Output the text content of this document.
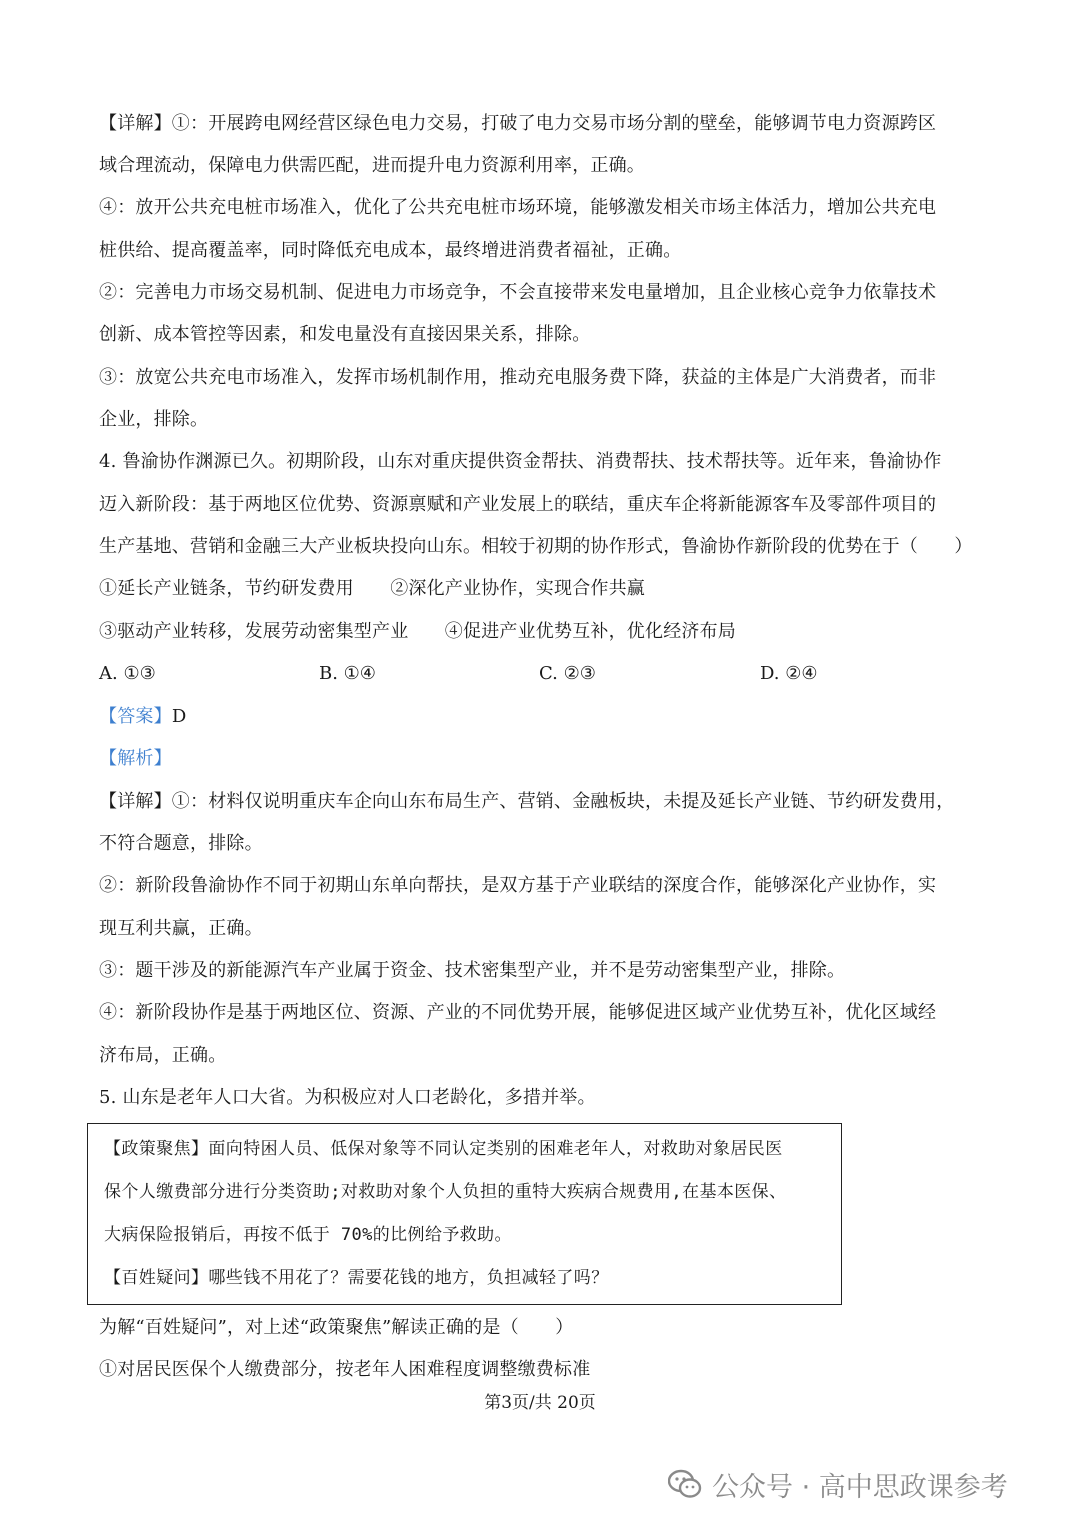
【详解】①：开展跨电网经营区绿色电力交易，打破了电力交易市场分割的壁垒，能够调节电力资源跨区
域合理流动，保障电力供需匹配，进而提升电力资源利用率，正确。
④：放开公共充电桩市场准入，优化了公共充电桩市场环境，能够激发相关市场主体活力，增加公共充电
桩供给、提高覆盖率，同时降低充电成本，最终增进消费者福祉，正确。
②：完善电力市场交易机制、促进电力市场竞争，不会直接带来发电量增加，且企业核心竞争力依靠技术
创新、成本管控等因素，和发电量没有直接因果关系，排除。
③：放宽公共充电市场准入，发挥市场机制作用，推动充电服务费下降，获益的主体是广大消费者，而非
企业，排除。
4. 鲁渝协作渊源已久。初期阶段，山东对重庆提供资金帮扶、消费帮扶、技术帮扶等。近年来，鲁渝协作
迈入新阶段：基于两地区位优势、资源禀赋和产业发展上的联结，重庆车企将新能源客车及零部件项目的
生产基地、营销和金融三大产业板块投向山东。相较于初期的协作形式，鲁渝协作新阶段的优势在于（　　）
①延长产业链条，节约研发费用　　②深化产业协作，实现合作共赢
③驱动产业转移，发展劳动密集型产业　　④促进产业优势互补，优化经济布局
A. ①③	B. ①④	C. ②③	D. ②④
【答案】D
【解析】
【详解】①：材料仅说明重庆车企向山东布局生产、营销、金融板块，未提及延长产业链、节约研发费用，
不符合题意，排除。
②：新阶段鲁渝协作不同于初期山东单向帮扶，是双方基于产业联结的深度合作，能够深化产业协作，实
现互利共赢，正确。
③：题干涉及的新能源汽车产业属于资金、技术密集型产业，并不是劳动密集型产业，排除。
④：新阶段协作是基于两地区位、资源、产业的不同优势开展，能够促进区域产业优势互补，优化区域经
济布局，正确。
5. 山东是老年人口大省。为积极应对人口老龄化，多措并举。
【政策聚焦】面向特困人员、低保对象等不同认定类别的困难老年人，对救助对象居民医
保个人缴费部分进行分类资助;对救助对象个人负担的重特大疾病合规费用,在基本医保、
大病保险报销后，再按不低于 70%的比例给予救助。
【百姓疑问】哪些钱不用花了？需要花钱的地方，负担减轻了吗？
为解“百姓疑问”，对上述“政策聚焦”解读正确的是（　　）
①对居民医保个人缴费部分，按老年人困难程度调整缴费标准
第3页/共 20页
公众号 · 高中思政课参考
